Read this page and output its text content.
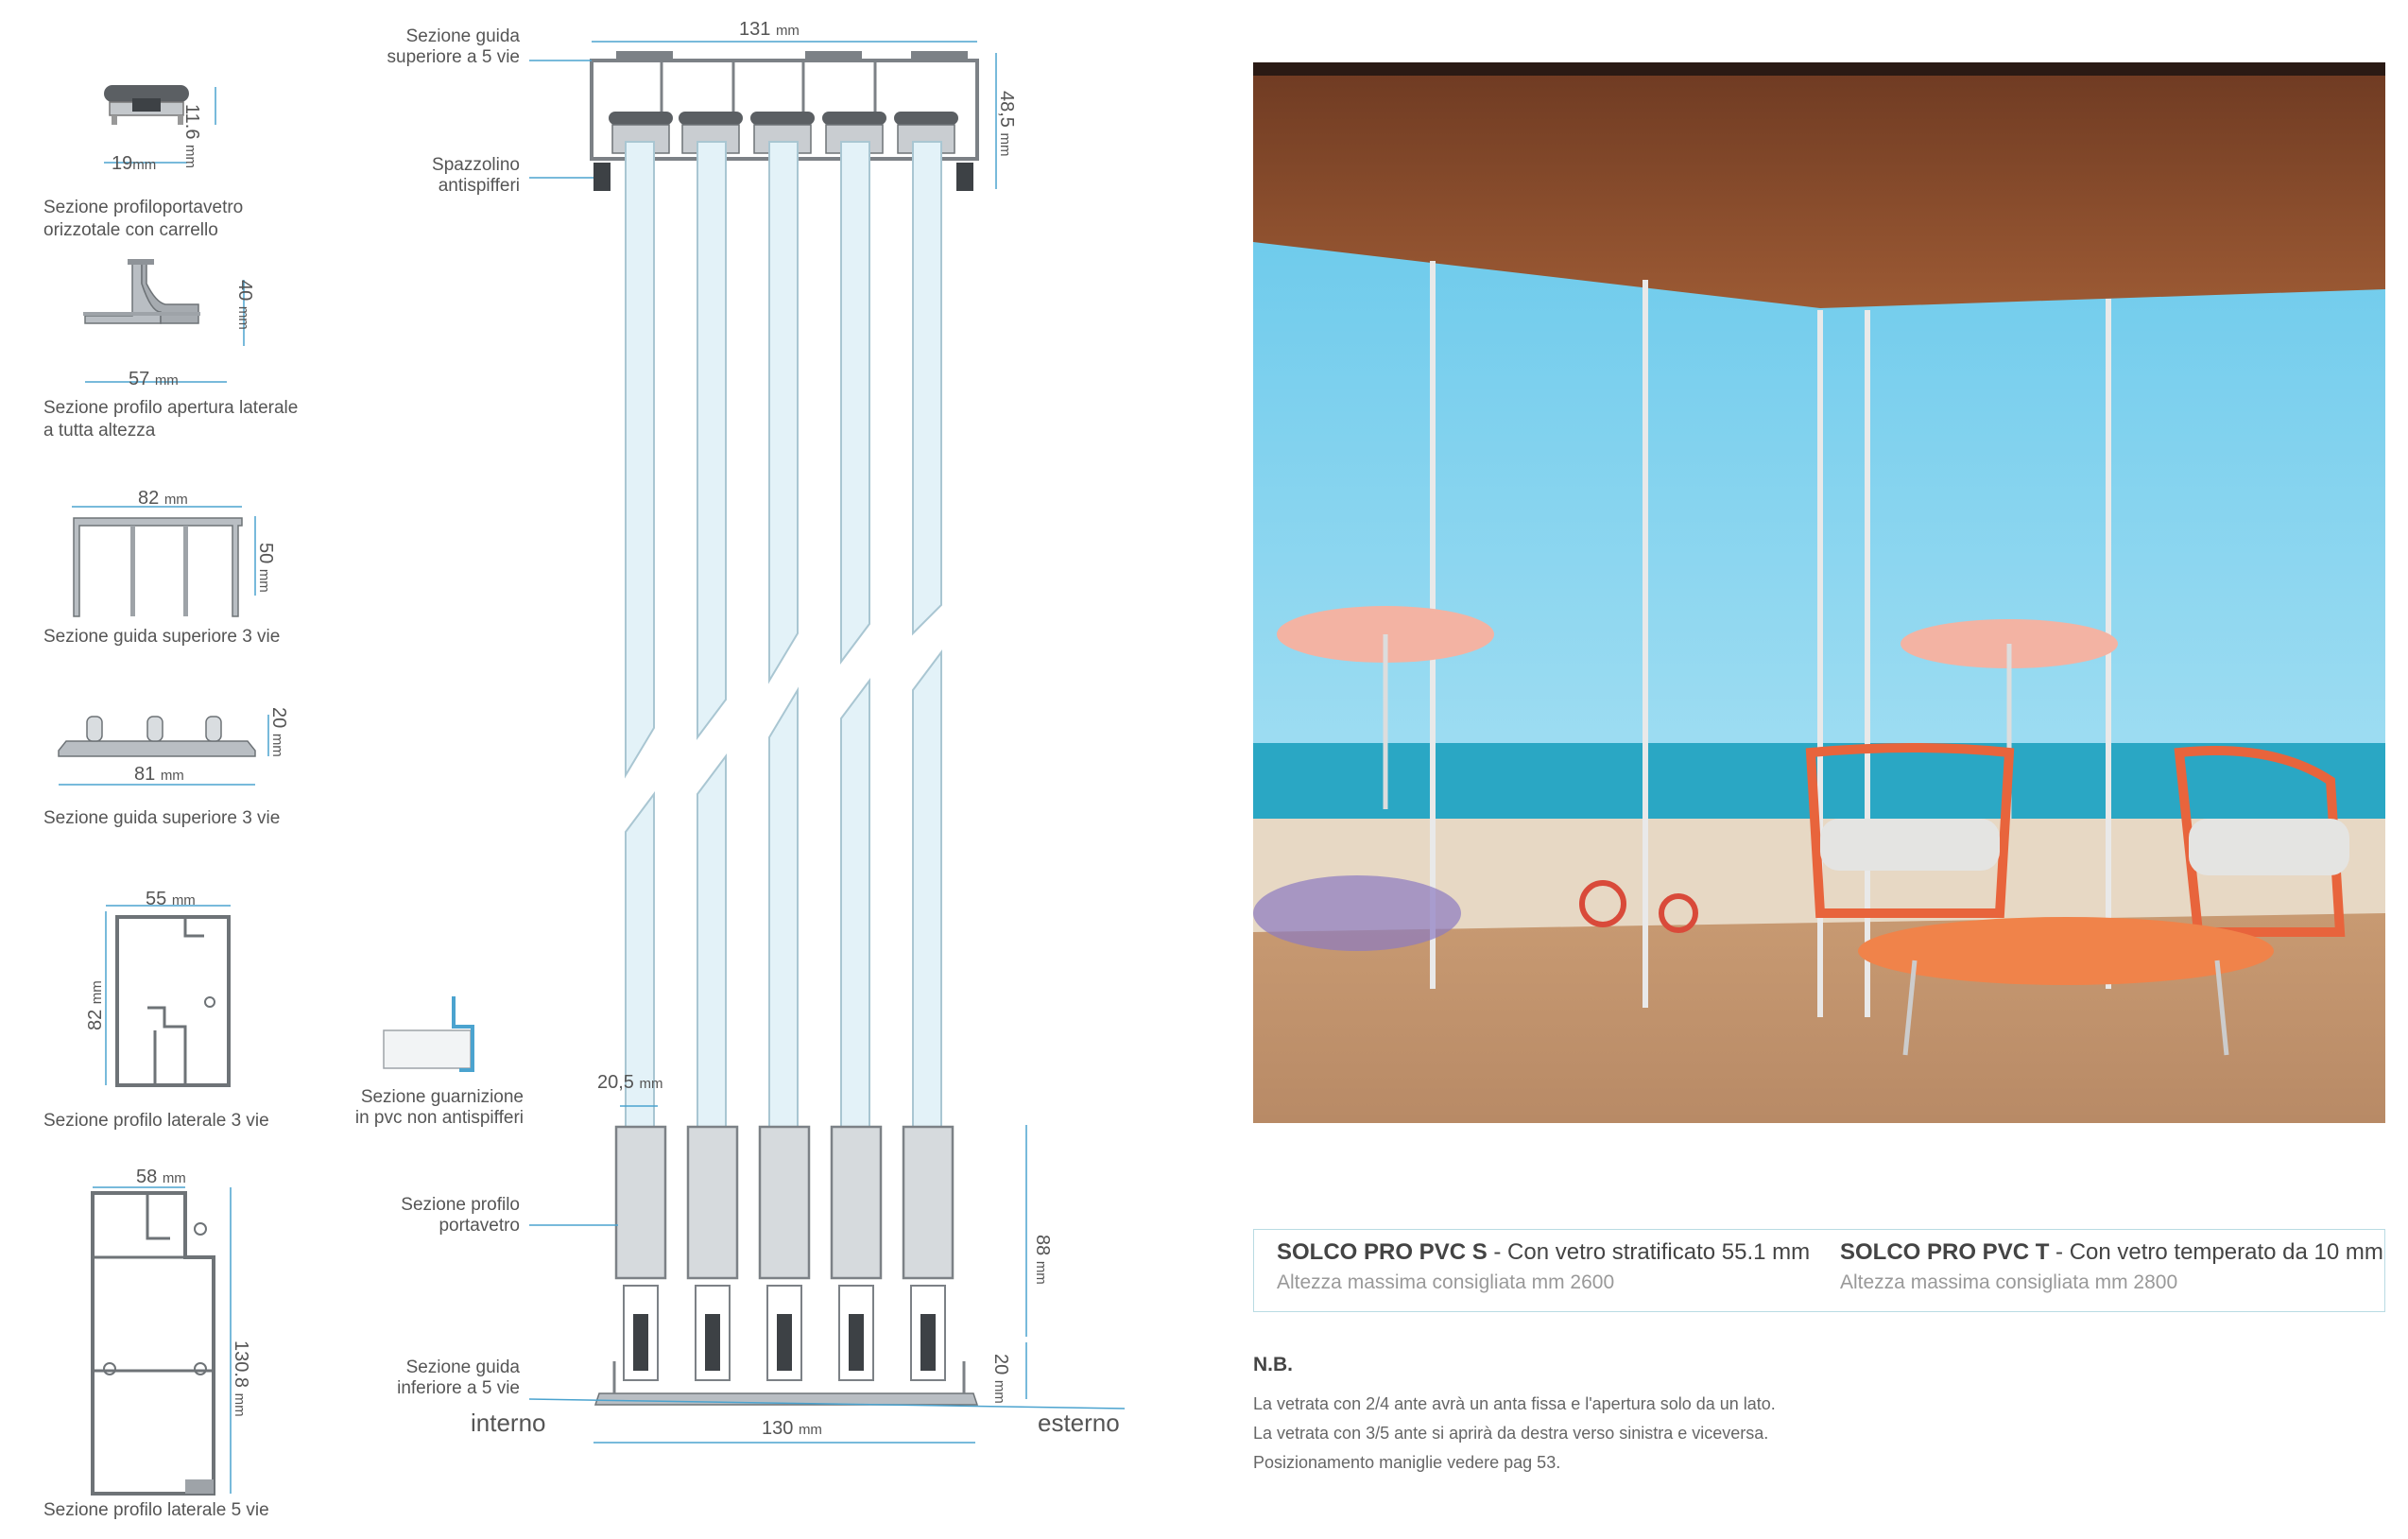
19mm
11.6 mm
Sezione profiloportavetro
orizzotale con carrello
57 mm
40 mm
Sezione profilo apertura laterale
a tutta altezza
82 mm
50 mm
Sezione guida superiore 3 vie
81 mm
20 mm
Sezione guida superiore 3 vie
55 mm
82 mm
Sezione profilo laterale 3 vie
58 mm
130.8 mm
Sezione profilo laterale 5 vie
Sezione guida
superiore a 5 vie
Spazzolino
antispifferi
Sezione guarnizione
in pvc non antispifferi
Sezione profilo
portavetro
Sezione guida
inferiore a 5 vie
131 mm
48,5 mm
20,5 mm
88 mm
20 mm
130 mm
interno	esterno
SOLCO PRO PVC S - Con vetro stratificato 55.1 mm
Altezza massima consigliata mm 2600
SOLCO PRO PVC T - Con vetro temperato da 10 mm
Altezza massima consigliata mm 2800
N.B.
La vetrata con 2/4 ante avrà un anta fissa e l'apertura solo da un lato.
La vetrata con 3/5 ante si aprirà da destra verso sinistra e viceversa.
Posizionamento maniglie vedere pag 53.
